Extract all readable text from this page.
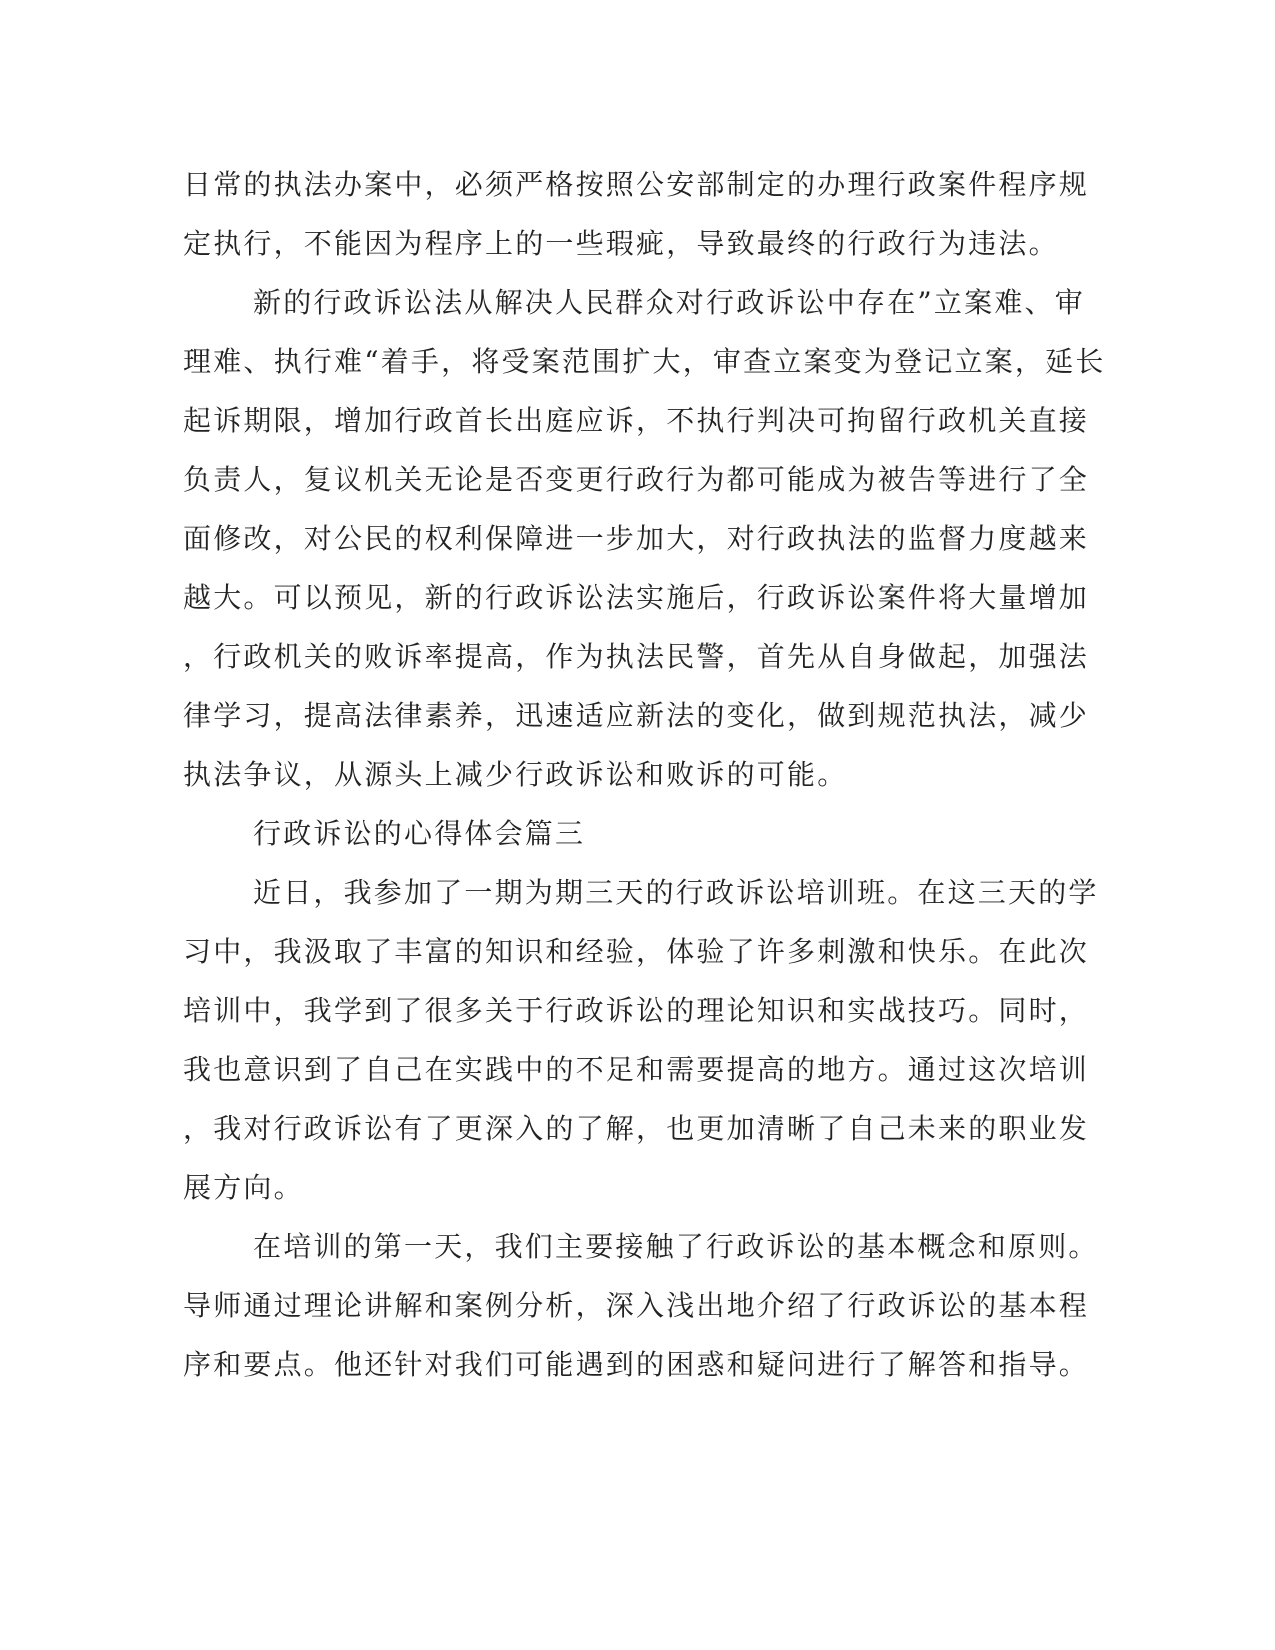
日常的执法办案中，必须严格按照公安部制定的办理行政案件程序规
定执行，不能因为程序上的一些瑕疵，导致最终的行政行为违法。
新的行政诉讼法从解决人民群众对行政诉讼中存在”立案难、审
理难、执行难“着手，将受案范围扩大，审查立案变为登记立案，延长
起诉期限，增加行政首长出庭应诉，不执行判决可拘留行政机关直接
负责人，复议机关无论是否变更行政行为都可能成为被告等进行了全
面修改，对公民的权利保障进一步加大，对行政执法的监督力度越来
越大。可以预见，新的行政诉讼法实施后，行政诉讼案件将大量增加
，行政机关的败诉率提高，作为执法民警，首先从自身做起，加强法
律学习，提高法律素养，迅速适应新法的变化，做到规范执法，减少
执法争议，从源头上减少行政诉讼和败诉的可能。
行政诉讼的心得体会篇三
近日，我参加了一期为期三天的行政诉讼培训班。在这三天的学
习中，我汲取了丰富的知识和经验，体验了许多刺激和快乐。在此次
培训中，我学到了很多关于行政诉讼的理论知识和实战技巧。同时，
我也意识到了自己在实践中的不足和需要提高的地方。通过这次培训
，我对行政诉讼有了更深入的了解，也更加清晰了自己未来的职业发
展方向。
在培训的第一天，我们主要接触了行政诉讼的基本概念和原则。
导师通过理论讲解和案例分析，深入浅出地介绍了行政诉讼的基本程
序和要点。他还针对我们可能遇到的困惑和疑问进行了解答和指导。
